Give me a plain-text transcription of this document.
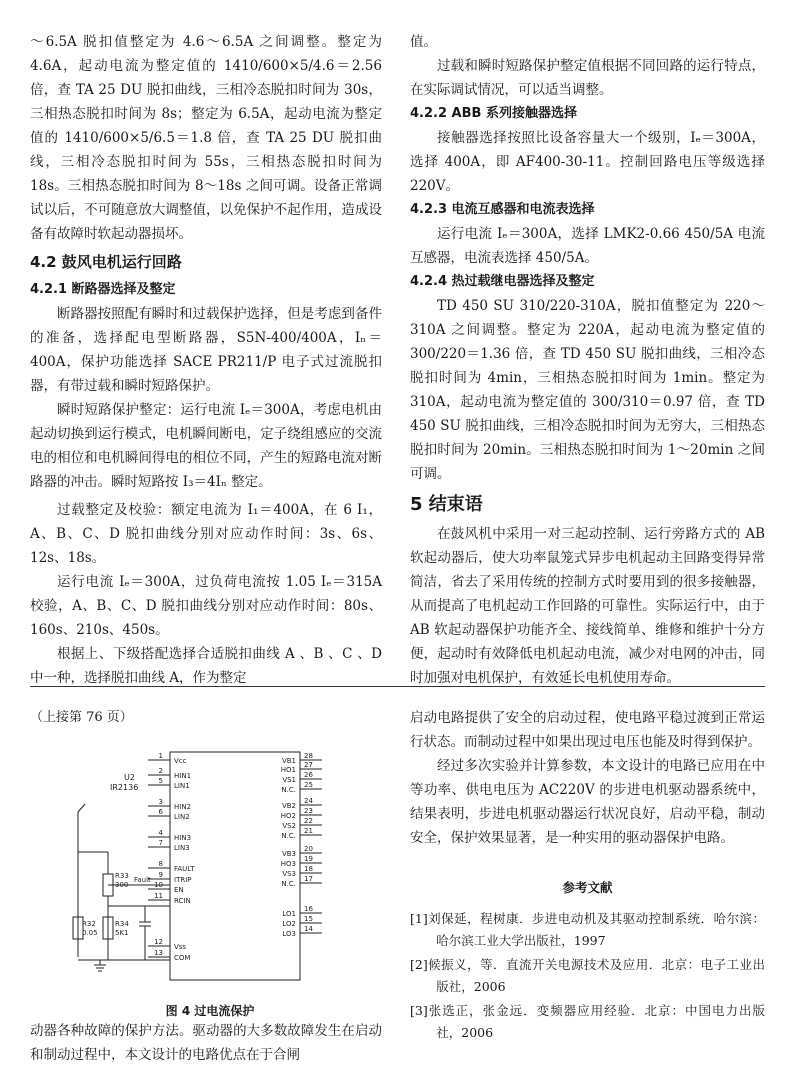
～6.5A 脱扣值整定为 4.6～6.5A 之间调整。整定为 4.6A，起动电流为整定值的 1410/600×5/4.6＝2.56 倍，查 TA 25 DU 脱扣曲线，三相冷态脱扣时间为 30s，三相热态脱扣时间为 8s；整定为 6.5A，起动电流为整定值的 1410/600×5/6.5＝1.8 倍，查 TA 25 DU 脱扣曲线，三相冷态脱扣时间为 55s，三相热态脱扣时间为 18s。三相热态脱扣时间为 8～18s 之间可调。设备正常调试以后，不可随意放大调整值，以免保护不起作用，造成设备有故障时软起动器损坏。

4.2 鼓风电机运行回路
4.2.1 断路器选择及整定

断路器按照配有瞬时和过载保护选择，但是考虑到备件的准备，选择配电型断路器，S5N-400/400A，Iₙ＝400A，保护功能选择 SACE PR211/P 电子式过流脱扣器，有带过载和瞬时短路保护。

瞬时短路保护整定：运行电流 Iₑ＝300A，考虑电机由起动切换到运行模式，电机瞬间断电，定子绕组感应的交流电的相位和电机瞬间得电的相位不同，产生的短路电流对断路器的冲击。瞬时短路按 I₃＝4Iₙ 整定。

过载整定及校验：额定电流为 I₁＝400A，在 6 I₁，A、B、C、D 脱扣曲线分别对应动作时间：3s、6s、12s、18s。

运行电流 Iₑ＝300A，过负荷电流按 1.05 Iₑ＝315A 校验，A、B、C、D 脱扣曲线分别对应动作时间：80s、160s、210s、450s。

根据上、下级搭配选择合适脱扣曲线 A 、B 、C 、D 中一种，选择脱扣曲线 A，作为整定

值。

过载和瞬时短路保护整定值根据不同回路的运行特点，在实际调试情况，可以适当调整。

4.2.2 ABB 系列接触器选择

接触器选择按照比设备容量大一个级别，Iₑ＝300A，选择 400A，即 AF400-30-11。控制回路电压等级选择 220V。

4.2.3 电流互感器和电流表选择

运行电流 Iₑ＝300A，选择 LMK2-0.66 450/5A 电流互感器，电流表选择 450/5A。

4.2.4 热过载继电器选择及整定

TD 450 SU 310/220-310A，脱扣值整定为 220～310A 之间调整。整定为 220A，起动电流为整定值的 300/220＝1.36 倍，查 TD 450 SU 脱扣曲线，三相冷态脱扣时间为 4min，三相热态脱扣时间为 1min。整定为 310A，起动电流为整定值的 300/310＝0.97 倍，查 TD 450 SU 脱扣曲线，三相冷态脱扣时间为无穷大，三相热态脱扣时间为 20min。三相热态脱扣时间为 1～20min 之间可调。

5 结束语

在鼓风机中采用一对三起动控制、运行旁路方式的 AB 软起动器后，使大功率鼠笼式异步电机起动主回路变得异常简洁，省去了采用传统的控制方式时要用到的很多接触器，从而提高了电机起动工作回路的可靠性。实际运行中，由于 AB 软起动器保护功能齐全、接线简单、维修和维护十分方便，起动时有效降低电机起动电流，减少对电网的冲击，同时加强对电机保护，有效延长电机使用寿命。

（上接第 76 页）
U2
IR2136
1
Vcc
2
HIN1
5
LIN1
3
HIN2
6
LIN2
4
HIN3
7
LIN3
8
FAULT
9
ITRIP
10
EN
11
RCIN
12
Vss
13
COM
28
VB1 27
HO1
26
VS1
25
N.C.
24
VB2
23
HO2
22
VS2
21
N.C.
20
VB3
19
HO3
18
VS3
17
N.C.
16
LO1
15
LO2
14
LO3
R33
300
Fault
R32
0.05
R34
5K1
图 4 过电流保护

动器各种故障的保护方法。驱动器的大多数故障发生在启动和制动过程中，本文设计的电路优点在于合闸

启动电路提供了安全的启动过程，使电路平稳过渡到正常运行状态。而制动过程中如果出现过电压也能及时得到保护。

经过多次实验并计算参数，本文设计的电路已应用在中等功率、供电电压为 AC220V 的步进电机驱动器系统中，结果表明，步进电机驱动器运行状况良好，启动平稳，制动安全，保护效果显著，是一种实用的驱动器保护电路。

参考文献
[1]刘保延，程树康．步进电动机及其驱动控制系统．哈尔滨：哈尔滨工业大学出版社，1997
[2]候振义，等．直流开关电源技术及应用．北京：电子工业出版社，2006
[3]张选正，张金远．变频器应用经验．北京：中国电力出版社，2006
